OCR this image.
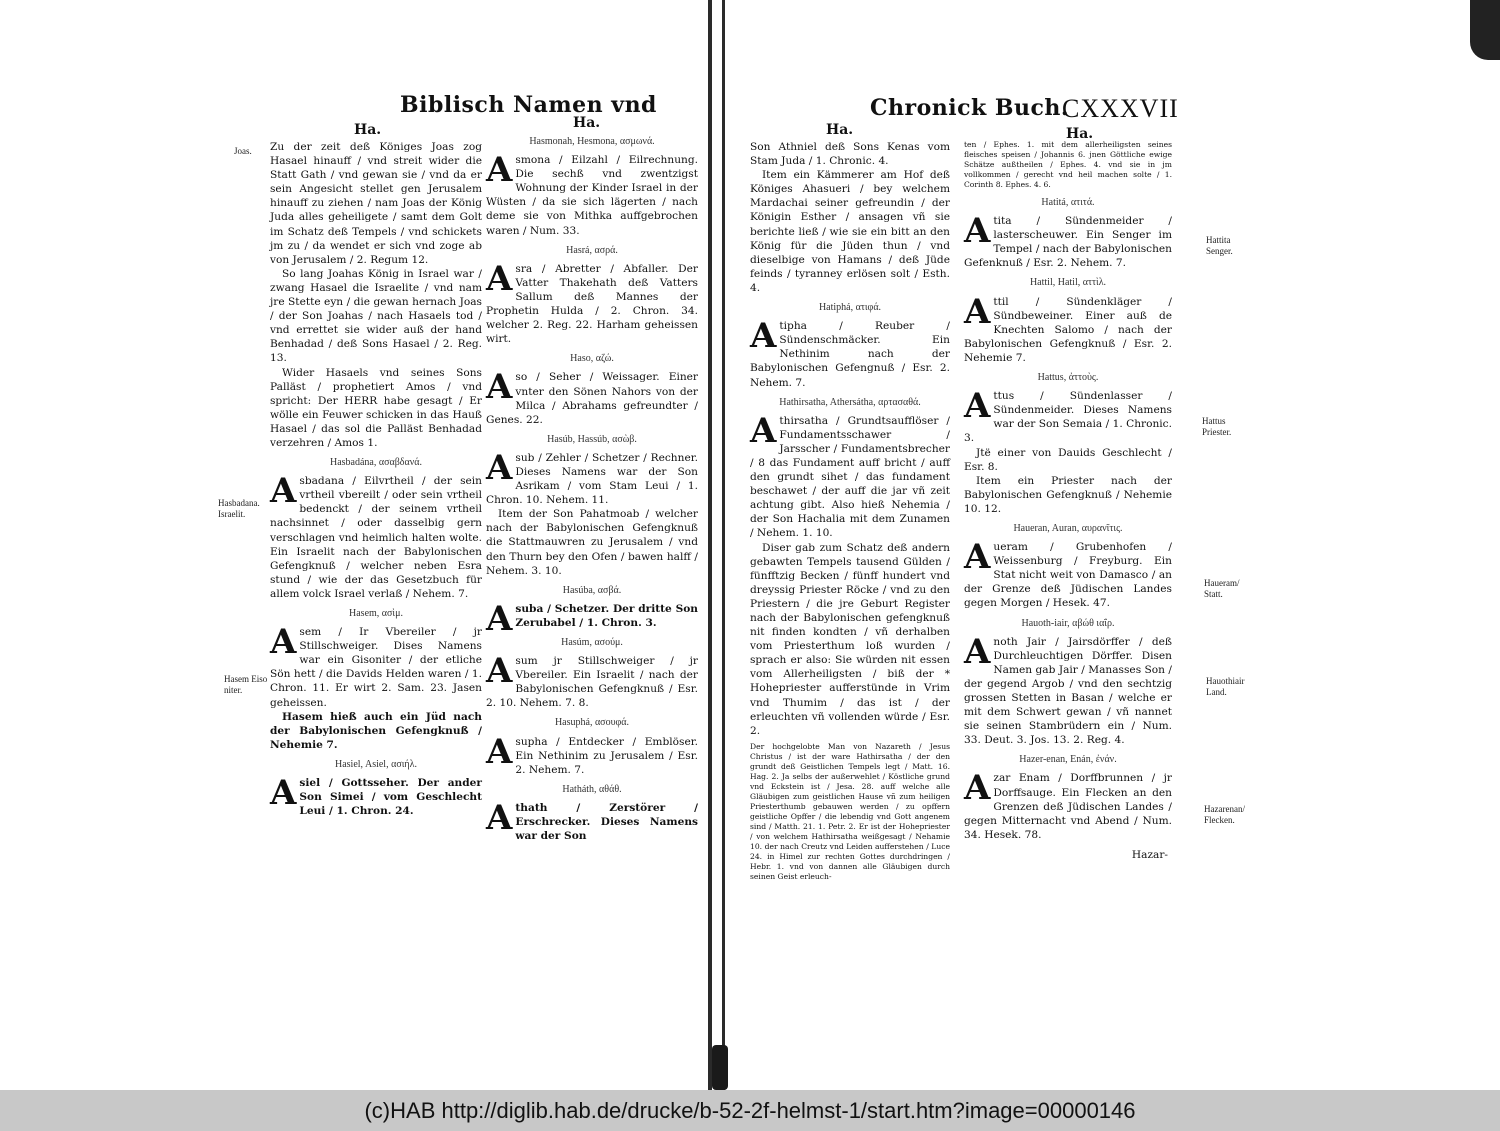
Biblisch Namen vnd	Chronick Buch.
CXXXVII
Ha.	Ha.	Ha.	Ha.
Joas.
Hasbadana. Israelit.
Hasem Eiso niter.
Hattita Senger.
Hattus Priester.
Haueram/ Statt.
Hauothiair Land.
Hazarenan/ Flecken.
Zu der zeit deß Königes Joas zog Hasael hinauff / vnd streit wider die Statt Gath / vnd gewan sie / vnd da er sein Angesicht stellet gen Jerusalem hinauff zu ziehen / nam Joas der König Juda alles geheiligete / samt dem Golt im Schatz deß Tempels / vnd schickets jm zu / da wendet er sich vnd zoge ab von Jerusalem / 2. Regum 12.
So lang Joahas König in Israel war / zwang Hasael die Israelite / vnd nam jre Stette eyn / die gewan hernach Joas / der Son Joahas / nach Hasaels tod / vnd errettet sie wider auß der hand Benhadad / deß Sons Hasael / 2. Reg. 13.
Wider Hasaels vnd seines Sons Palläst / prophetiert Amos / vnd spricht: Der HERR habe gesagt / Er wölle ein Feuwer schicken in das Hauß Hasael / das sol die Palläst Benhadad verzehren / Amos 1.
Hasbadána, ασαβδανά.
Asbadana / Eilvrtheil / der sein vrtheil vbereilt / oder sein vrtheil bedenckt / der seinem vrtheil nachsinnet / oder dasselbig gern verschlagen vnd heimlich halten wolte. Ein Israelit nach der Babylonischen Gefengknuß / welcher neben Esra stund / wie der das Gesetzbuch für allem volck Israel verlaß / Nehem. 7.
Hasem, ασὶμ.
Asem / Ir Vbereiler / jr Stillschweiger. Dises Namens war ein Gisoniter / der etliche Sön hett / die Davids Helden waren / 1. Chron. 11. Er wirt 2. Sam. 23. Jasen geheissen.
Hasem hieß auch ein Jüd nach der Babylonischen Gefengknuß / Nehemie 7.
Hasiel, Asiel, ασιήλ.
Asiel / Gottsseher. Der ander Son Simei / vom Geschlecht Leui / 1. Chron. 24.
Hasmonah, Hesmona, ασμωνά.
Asmona / Eilzahl / Eilrechnung. Die sechß vnd zwentzigst Wohnung der Kinder Israel in der Wüsten / da sie sich lägerten / nach deme sie von Mithka auffgebrochen waren / Num. 33.
Hasrá, ασρά.
Asra / Abretter / Abfaller. Der Vatter Thakehath deß Vatters Sallum deß Mannes der Prophetin Hulda / 2. Chron. 34. welcher 2. Reg. 22. Harham geheissen wirt.
Haso, αζώ.
Aso / Seher / Weissager. Einer vnter den Sönen Nahors von der Milca / Abrahams gefreundter / Genes. 22.
Hasúb, Hassúb, ασὼβ.
Asub / Zehler / Schetzer / Rechner. Dieses Namens war der Son Asrikam / vom Stam Leui / 1. Chron. 10. Nehem. 11.
Item der Son Pahatmoab / welcher nach der Babylonischen Gefengknuß die Stattmauwren zu Jerusalem / vnd den Thurn bey den Ofen / bawen halff / Nehem. 3. 10.
Hasúba, ασβά.
Asuba / Schetzer. Der dritte Son Zerubabel / 1. Chron. 3.
Hasúm, ασούμ.
Asum jr Stillschweiger / jr Vbereiler. Ein Israelit / nach der Babylonischen Gefengknuß / Esr. 2. 10. Nehem. 7. 8.
Hasuphá, ασουφά.
Asupha / Entdecker / Emblöser. Ein Nethinim zu Jerusalem / Esr. 2. Nehem. 7.
Hatháth, αθάθ.
Athath / Zerstörer / Erschrecker. Dieses Namens war der Son
Son Athniel deß Sons Kenas vom Stam Juda / 1. Chronic. 4.
Item ein Kämmerer am Hof deß Königes Ahasueri / bey welchem Mardachai seiner gefreundin / der Königin Esther / ansagen vñ sie berichte ließ / wie sie ein bitt an den König für die Jüden thun / vnd dieselbige von Hamans / deß Jüde feinds / tyranney erlösen solt / Esth. 4.
Hatiphá, ατιφά.
Atipha / Reuber / Sündenschmäcker. Ein Nethinim nach der Babylonischen Gefengnuß / Esr. 2. Nehem. 7.
Hathirsatha, Athersátha, αρτασαθά.
Athirsatha / Grundtsaufflöser / Fundamentsschawer / Jarsscher / Fundamentsbrecher / 8 das Fundament auff bricht / auff den grundt sihet / das fundament beschawet / der auff die jar vñ zeit achtung gibt. Also hieß Nehemia / der Son Hachalia mit dem Zunamen / Nehem. 1. 10.
Diser gab zum Schatz deß andern gebawten Tempels tausend Gülden / fünfftzig Becken / fünff hundert vnd dreyssig Priester Röcke / vnd zu den Priestern / die jre Geburt Register nach der Babylonischen gefengknuß nit finden kondten / vñ derhalben vom Priesterthum loß wurden / sprach er also: Sie würden nit essen vom Allerheiligsten / biß der * Hohepriester aufferstünde in Vrim vnd Thumim / das ist / der erleuchten vñ vollenden würde / Esr. 2.
Der hochgelobte Man von Nazareth / Jesus Christus / ist der ware Hathirsatha / der den grundt deß Geistlichen Tempels legt / Matt. 16. Hag. 2. Ja selbs der außerwehlet / Köstliche grund vnd Eckstein ist / Jesa. 28. auff welche alle Gläubigen zum geistlichen Hause vñ zum heiligen Priesterthumb gebauwen werden / zu opffern geistliche Opffer / die lebendig vnd Gott angenem sind / Matth. 21. 1. Petr. 2. Er ist der Hohepriester / von welchem Hathirsatha weißgesagt / Nehamie 10. der nach Creutz vnd Leiden aufferstehen / Luce 24. in Himel zur rechten Gottes durchdringen / Hebr. 1. vnd von dannen alle Gläubigen durch seinen Geist erleuch-
ten / Ephes. 1. mit dem allerheiligsten seines fleisches speisen / Johannis 6. jnen Göttliche ewige Schätze außtheilen / Ephes. 4. vnd sie in jm vollkommen / gerecht vnd heil machen solte / 1. Corinth 8. Ephes. 4. 6.
Hatitá, ατιτά.
Atita / Sündenmeider / lasterscheuwer. Ein Senger im Tempel / nach der Babylonischen Gefenknuß / Esr. 2. Nehem. 7.
Hattil, Hatil, αττὶλ.
Attil / Sündenkläger / Sündbeweiner. Einer auß de Knechten Salomo / nach der Babylonischen Gefengknuß / Esr. 2. Nehemie 7.
Hattus, ἀττοὺς.
Attus / Sündenlasser / Sündenmeider. Dieses Namens war der Son Semaia / 1. Chronic. 3.
Jtë einer von Dauids Geschlecht / Esr. 8.
Item ein Priester nach der Babylonischen Gefengknuß / Nehemie 10. 12.
Haueran, Auran, αυρανῖτις.
Aueram / Grubenhofen / Weissenburg / Freyburg. Ein Stat nicht weit von Damasco / an der Grenze deß Jüdischen Landes gegen Morgen / Hesek. 47.
Hauoth-iair, αβώθ ιαΐρ.
Anoth Jair / Jairsdörffer / deß Durchleuchtigen Dörffer. Disen Namen gab Jair / Manasses Son / der gegend Argob / vnd den sechtzig grossen Stetten in Basan / welche er mit dem Schwert gewan / vñ nannet sie seinen Stambrüdern ein / Num. 33. Deut. 3. Jos. 13. 2. Reg. 4.
Hazer-enan, Enán, ἐνάν.
Azar Enam / Dorffbrunnen / jr Dorffsauge. Ein Flecken an den Grenzen deß Jüdischen Landes / gegen Mitternacht vnd Abend / Num. 34. Hesek. 78.
Hazar-
(c)HAB http://diglib.hab.de/drucke/b-52-2f-helmst-1/start.htm?image=00000146
